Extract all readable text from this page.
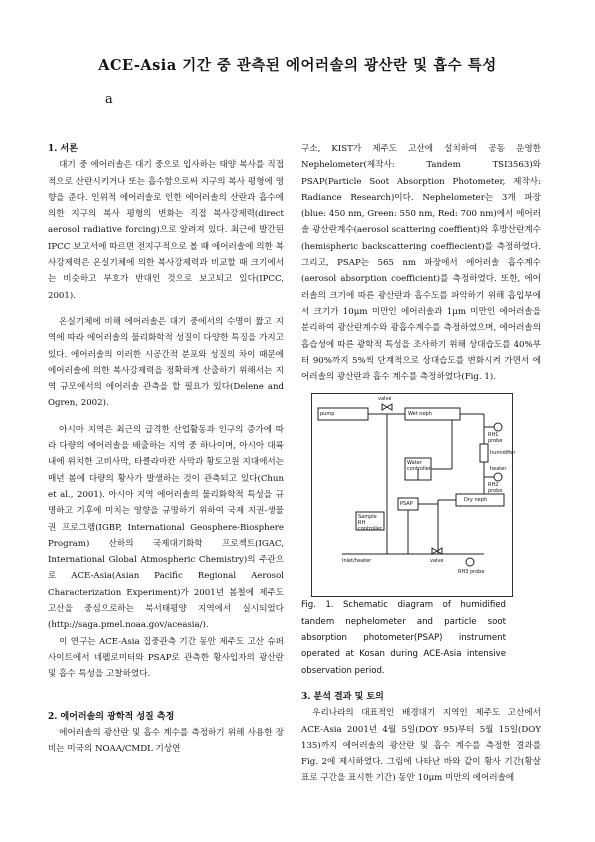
ACE-Asia 기간 중 관측된 에어러솔의 광산란 및 흡수 특성
a

1. 서론

대기 중 에어러솔은 대기 중으로 입사하는 태양 복사를 직접적으로 산란시키거나 또는 흡수함으로써 지구의 복사 평형에 영향을 준다. 인위적 에어러솔로 인한 에어러솔의 산란과 흡수에 의한 지구의 복사 평형의 변화는 직접 복사강제력(direct aerosol radiative forcing)으로 알려져 있다. 최근에 발간된 IPCC 보고서에 따르면 전지구적으로 볼 때 에어러솔에 의한 복사강제력은 온실기체에 의한 복사강제력과 비교할 때 크기에서는 비슷하고 부호가 반대인 것으로 보고되고 있다(IPCC, 2001).

온실기체에 비해 에어러솔은 대기 중에서의 수명이 짧고 지역에 따라 에어러솔의 물리화학적 성질이 다양한 특징을 가지고 있다. 에어러솔의 이러한 시공간적 분포와 성질의 차이 때문에 에어러솔에 의한 복사강제력을 정확하게 산출하기 위해서는 지역 규모에서의 에어러솔 관측을 할 필요가 있다(Delene and Ogren, 2002).

아시아 지역은 최근의 급격한 산업활동과 인구의 증가에 따라 다량의 에어러솔을 배출하는 지역 중 하나이며, 아시아 대륙 내에 위치한 고비사막, 타클라마칸 사막과 황토고원 지대에서는 매년 봄에 다량의 황사가 발생하는 것이 관측되고 있다(Chun et al., 2001). 아시아 지역 에어러솔의 물리화학적 특성을 규명하고 기후에 미치는 영향을 규명하기 위하여 국제 지권-생물권 프로그램(IGBP, International Geosphere-Biosphere Program) 산하의 국제대기화학 프로젝트(IGAC, International Global Atmospheric Chemistry)의 주관으로 ACE-Asia(Asian Pacific Regional Aerosol Characterization Experiment)가 2001년 봄철에 제주도 고산을 중심으로하는 북서태평양 지역에서 실시되었다(http://saga.pmel.noaa.gov/aceasia/).

이 연구는 ACE-Asia 집중관측 기간 동안 제주도 고산 슈퍼사이트에서 네펠로미터와 PSAP로 관측한 황사입자의 광산란 및 흡수 특성을 고찰하였다.

2. 에어러솔의 광학적 성질 측정

에어러솔의 광산란 및 흡수 계수를 측정하기 위해 사용한 장비는 미국의 NOAA/CMDL 기상연

구소, KIST가 제주도 고산에 설치하여 공동 운영한 Nephelometer(제작사: Tandem TSI3563)와 PSAP(Particle Soot Absorption Photometer, 제작사: Radiance Research)이다. Nephelometer는 3개 파장(blue: 450 nm, Green: 550 nm, Red: 700 nm)에서 에어러솔 광산란계수(aerosol scattering coeffient)와 후방산란계수(hemispheric backscattering coeffiecient)를 측정하였다. 그리고, PSAP는 565 nm 파장에서 에어러솔 흡수계수(aerosol absorption coefficient)를 측정하였다. 또한, 에어러솔의 크기에 따른 광산란과 흡수도를 파악하기 위해 흡입부에서 크기가 10μm 미만인 에어러솔과 1μm 미만인 에어러솔을 분리하여 광산란계수와 광흡수계수를 측정하였으며, 에어러솔의 흡습성에 따른 광학적 특성을 조사하기 위해 상대습도를 40%부터 90%까지 5%씩 단계적으로 상대습도를 변화시켜 가면서 에어러솔의 광산란과 흡수 계수를 측정하였다(Fig. 1).

pump
valve
Wet neph
RH1 probe
humidifier
Water controller
RH2 probe
heater
Dry neph
PSAP
Sample RH controller
Inlet/heater
RH3 probe
valve

Fig. 1. Schematic diagram of humidified tandem nephelometer and particle soot absorption photometer(PSAP) instrument operated at Kosan during ACE-Asia intensive observation period.

3. 분석 결과 및 토의

우리나라의 대표적인 배경대기 지역인 제주도 고산에서 ACE-Asia 2001년 4월 5일(DOY 95)부터 5월 15일(DOY 135)까지 에어러솔의 광산란 및 흡수 계수를 측정한 결과를 Fig. 2에 제시하였다. 그림에 나타난 바와 같이 황사 기간(황살표로 구간을 표시한 기간) 동안 10μm 미만의 에어러솔에
